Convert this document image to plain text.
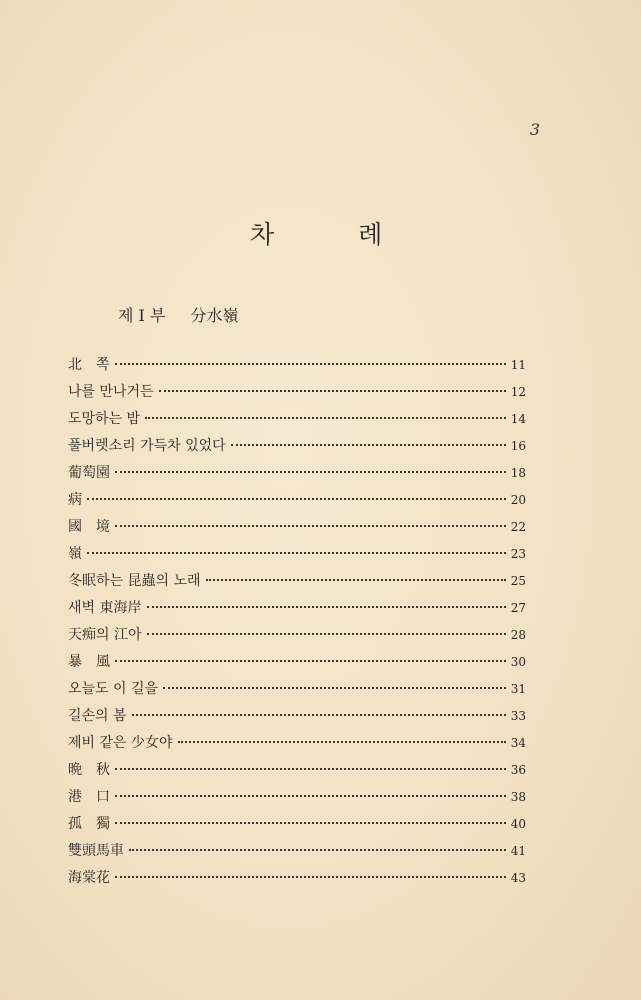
3
차 례
제 I 부 分水嶺
北　쪽	11
나를 만나거든	12
도망하는 밤	14
풀버렛소리 가득차 있었다	16
葡萄園	18
病	20
國　境	22
嶺	23
冬眠하는 昆蟲의 노래	25
새벽 東海岸	27
天痴의 江아	28
暴　風	30
오늘도 이 길을	31
길손의 봄	33
제비 같은 少女야	34
晩　秋	36
港　口	38
孤　獨	40
雙頭馬車	41
海棠花	43
